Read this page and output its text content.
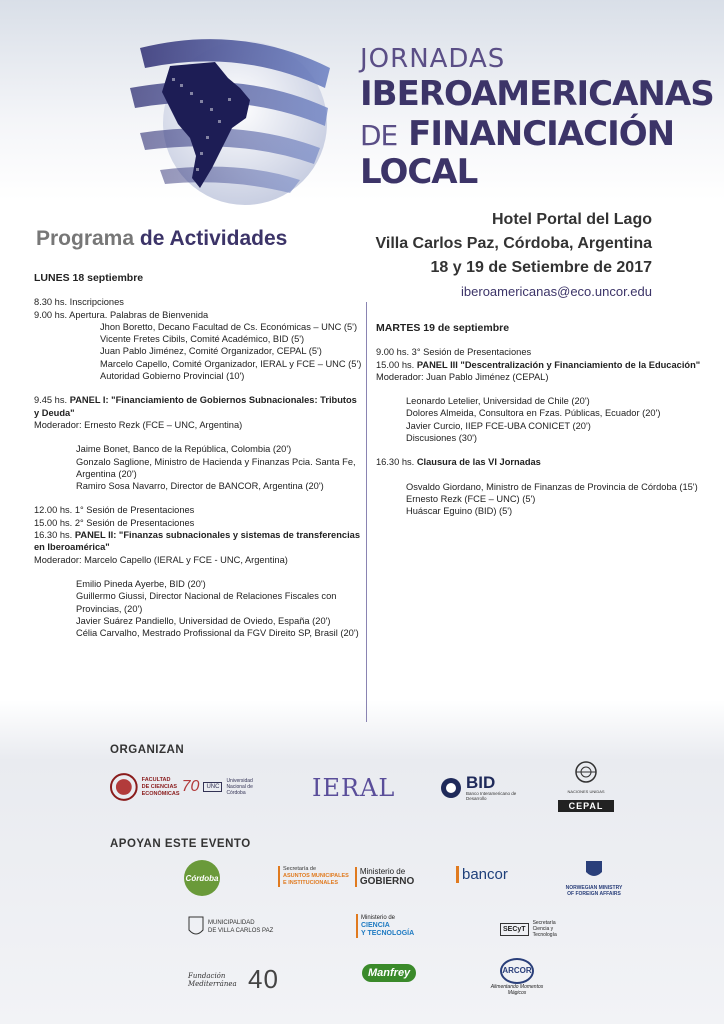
JORNADAS
IBEROAMERICANAS
DE FINANCIACIÓN
LOCAL
Programa de Actividades
Hotel Portal del Lago
Villa Carlos Paz, Córdoba, Argentina
18 y 19 de Setiembre de 2017
iberoamericanas@eco.uncor.edu
LUNES 18 septiembre
8.30 hs. Inscripciones
9.00 hs. Apertura. Palabras de Bienvenida
Jhon Boretto, Decano Facultad de Cs. Económicas – UNC (5')
Vicente Fretes Cibils, Comité Académico, BID (5')
Juan Pablo Jiménez, Comité Organizador, CEPAL (5')
Marcelo Capello, Comité Organizador, IERAL y FCE – UNC (5')
Autoridad Gobierno Provincial (10')
9.45 hs. PANEL I: "Financiamiento de Gobiernos Subnacionales: Tributos y Deuda"
Moderador: Ernesto Rezk (FCE – UNC, Argentina)
Jaime Bonet, Banco de la República, Colombia (20')
Gonzalo Saglione, Ministro de Hacienda y Finanzas Pcia. Santa Fe, Argentina (20')
Ramiro Sosa Navarro, Director de BANCOR, Argentina (20')
12.00 hs. 1° Sesión de Presentaciones
15.00 hs. 2° Sesión de Presentaciones
16.30 hs. PANEL II: "Finanzas subnacionales y sistemas de transferencias en Iberoamérica"
Moderador: Marcelo Capello (IERAL y FCE - UNC, Argentina)
Emilio Pineda Ayerbe, BID (20')
Guillermo Giussi, Director Nacional de Relaciones Fiscales con Provincias, (20')
Javier Suárez Pandiello, Universidad de Oviedo, España (20')
Célia Carvalho, Mestrado Profissional da FGV Direito SP, Brasil (20')
MARTES 19 de septiembre
9.00 hs. 3° Sesión de Presentaciones
15.00 hs. PANEL III "Descentralización y Financiamiento de la Educación"
Moderador: Juan Pablo Jiménez (CEPAL)
Leonardo Letelier, Universidad de Chile (20')
Dolores Almeida, Consultora en Fzas. Públicas, Ecuador (20')
Javier Curcio, IIEP FCE-UBA CONICET (20')
Discusiones (30')
16.30 hs. Clausura de las VI Jornadas
Osvaldo Giordano, Ministro de Finanzas de Provincia de Córdoba (15')
Ernesto Rezk (FCE – UNC) (5')
Huáscar Eguino (BID) (5')
ORGANIZAN
FACULTAD DE CIENCIAS ECONÓMICAS 70	UNC
Universidad Nacional de Córdoba	IERAL	BID
Banco Interamericano de Desarrollo
NACIONES UNIDAS
CEPAL
APOYAN ESTE EVENTO
Córdoba
Secretaría de
ASUNTOS MUNICIPALES
E INSTITUCIONALES
Ministerio de
GOBIERNO	bancor
NORWEGIAN MINISTRY
OF FOREIGN AFFAIRS
MUNICIPALIDAD
DE VILLA CARLOS PAZ
Ministerio de
CIENCIA
Y TECNOLOGÍA
SECyT
Secretaría Ciencia y Tecnología
Fundación Mediterránea 40	Manfrey	ARCOR
Alimentando Momentos Mágicos
